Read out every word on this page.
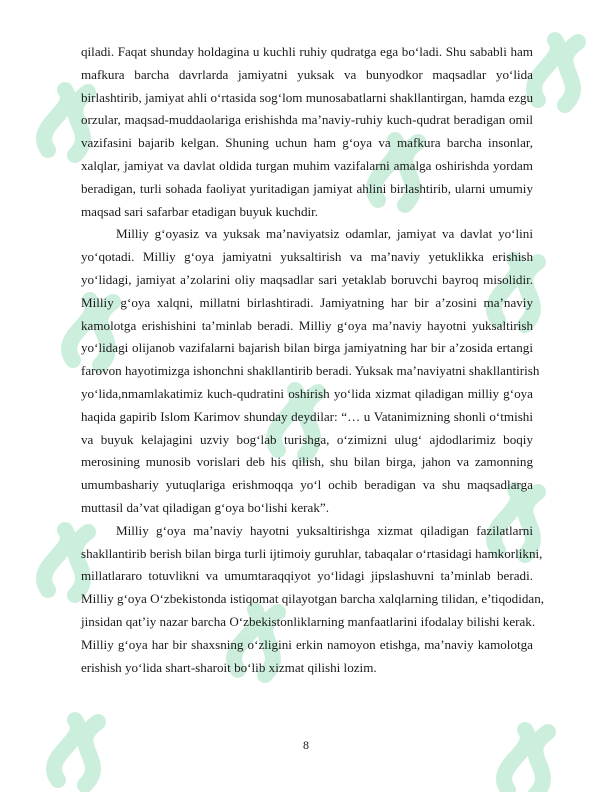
qiladi. Faqat shunday holdagina u kuchli ruhiy qudratga ega bo‘ladi. Shu sababli ham
mafkura barcha davrlarda jamiyatni yuksak va bunyodkor maqsadlar yo‘lida
birlashtirib, jamiyat ahli o‘rtasida sog‘lom munosabatlarni shakllantirgan, hamda ezgu
orzular, maqsad-muddaolariga erishishda ma’naviy-ruhiy kuch-qudrat beradigan omil
vazifasini bajarib kelgan. Shuning uchun ham g‘oya va mafkura barcha insonlar,
xalqlar, jamiyat va davlat oldida turgan muhim vazifalarni amalga oshirishda yordam
beradigan, turli sohada faoliyat yuritadigan jamiyat ahlini birlashtirib, ularni umumiy
maqsad sari safarbar etadigan buyuk kuchdir.
Milliy g‘oyasiz va yuksak ma’naviyatsiz odamlar, jamiyat va davlat yo‘lini
yo‘qotadi. Milliy g‘oya jamiyatni yuksaltirish va ma’naviy yetuklikka erishish
yo‘lidagi, jamiyat a’zolarini oliy maqsadlar sari yetaklab boruvchi bayroq misolidir.
Milliy g‘oya xalqni, millatni birlashtiradi. Jamiyatning har bir a’zosini ma’naviy
kamolotga erishishini ta’minlab beradi. Milliy g‘oya ma’naviy hayotni yuksaltirish
yo‘lidagi olijanob vazifalarni bajarish bilan birga jamiyatning har bir a’zosida ertangi
farovon hayotimizga ishonchni shakllantirib beradi. Yuksak ma’naviyatni shakllantirish
yo‘lida,nmamlakatimiz kuch-qudratini oshirish yo‘lida xizmat qiladigan milliy g‘oya
haqida gapirib Islom Karimov shunday deydilar: “… u Vatanimizning shonli o‘tmishi
va buyuk kelajagini uzviy bog‘lab turishga, o‘zimizni ulug‘ ajdodlarimiz boqiy
merosining munosib vorislari deb his qilish, shu bilan birga, jahon va zamonning
umumbashariy yutuqlariga erishmoqqa yo‘l ochib beradigan va shu maqsadlarga
muttasil da’vat qiladigan g‘oya bo‘lishi kerak”.
Milliy g‘oya ma’naviy hayotni yuksaltirishga xizmat qiladigan fazilatlarni
shakllantirib berish bilan birga turli ijtimoiy guruhlar, tabaqalar o‘rtasidagi hamkorlikni,
millatlararo totuvlikni va umumtaraqqiyot yo‘lidagi jipslashuvni ta’minlab beradi.
Milliy g‘oya O‘zbekistonda istiqomat qilayotgan barcha xalqlarning tilidan, e’tiqodidan,
jinsidan qat’iy nazar barcha O‘zbekistonliklarning manfaatlarini ifodalay bilishi kerak.
Milliy g‘oya har bir shaxsning o‘zligini erkin namoyon etishga, ma’naviy kamolotga
erishish yo‘lida shart-sharoit bo‘lib xizmat qilishi lozim.
8
